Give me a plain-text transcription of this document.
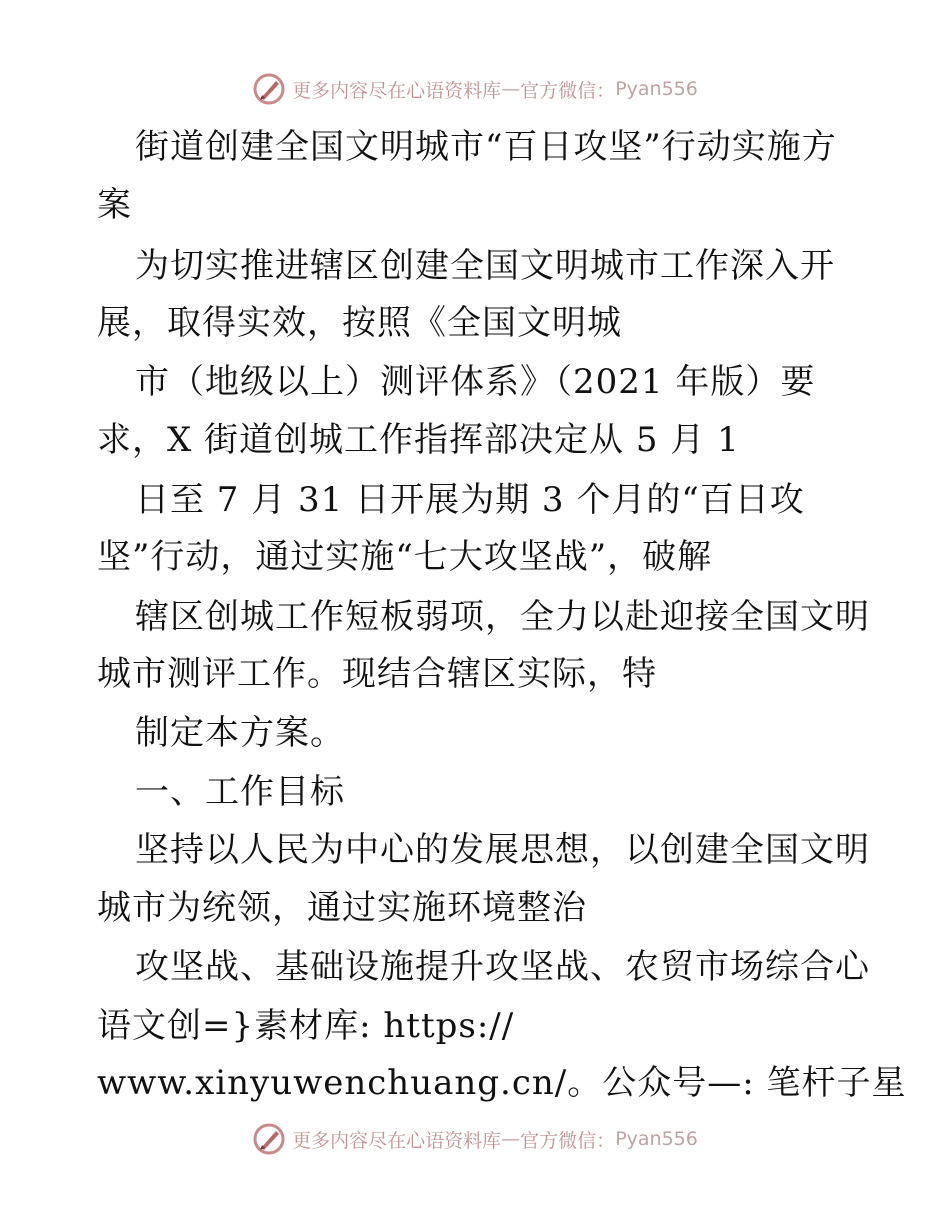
更多内容尽在心语资料库 — 官方微信： Pyan556
街道创建全国文明城市“百日攻坚”行动实施方
案
为切实推进辖区创建全国文明城市工作深入开
展，取得实效，按照《全国文明城
市（地级以上）测评体系》（2021 年版）要
求，X 街道创城工作指挥部决定从 5 月 1
日至 7 月 31 日开展为期 3 个月的“百日攻
坚”行动，通过实施“七大攻坚战”，破解
辖区创城工作短板弱项，全力以赴迎接全国文明
城市测评工作。现结合辖区实际，特
制定本方案。
一、工作目标
坚持以人民为中心的发展思想，以创建全国文明
城市为统领，通过实施环境整治
攻坚战、基础设施提升攻坚战、农贸市场综合心
语文创=}素材库: https://
www.xinyuwenchuang.cn/。公众号—: 笔杆子星
更多内容尽在心语资料库 — 官方微信： Pyan556
